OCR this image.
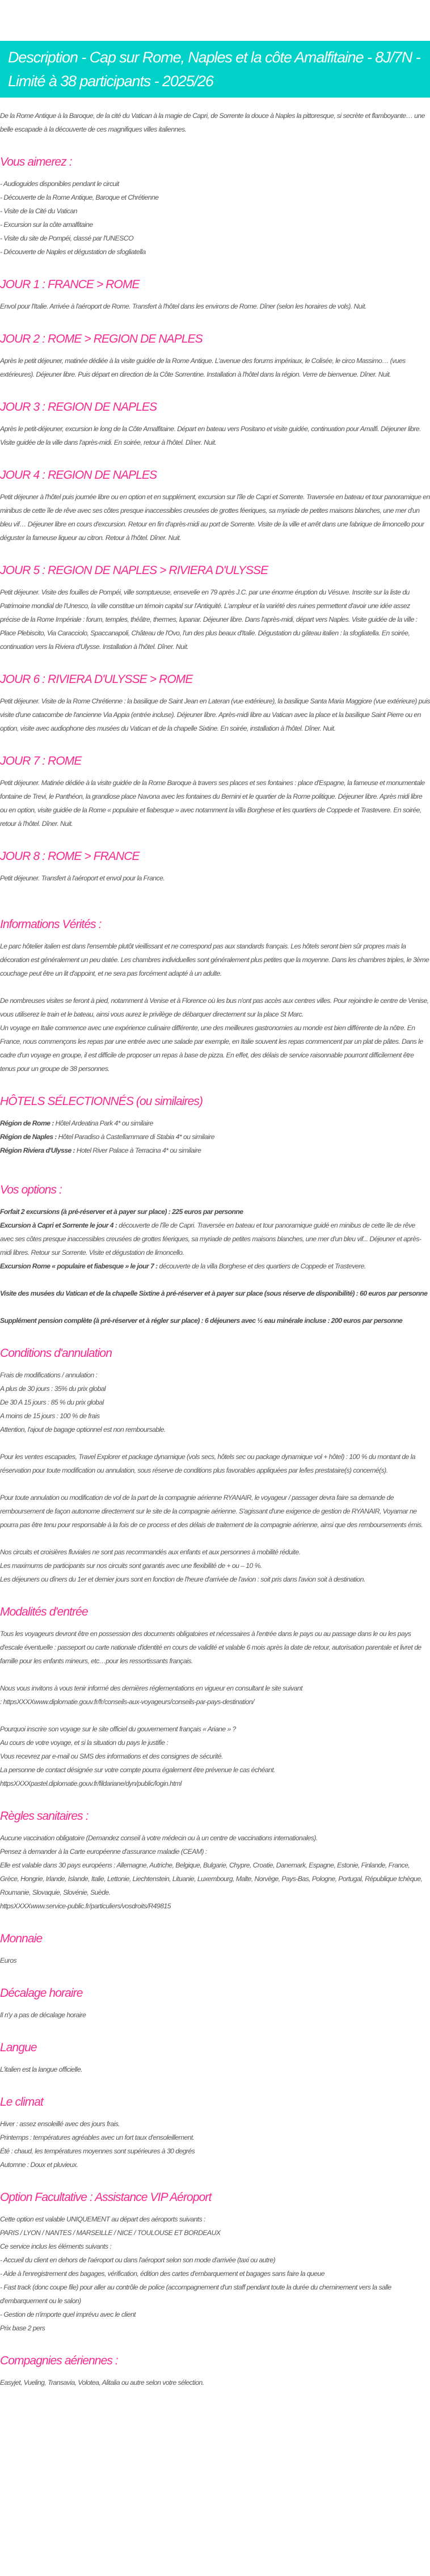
Description - Cap sur Rome, Naples et la côte Amalfitaine - 8J/7N - Limité à 38 participants - 2025/26

De la Rome Antique à la Baroque, de la cité du Vatican à la magie de Capri, de Sorrente la douce à Naples la pittoresque, si secrète et flamboyante… une belle escapade à la découverte de ces magnifiques villes italiennes.

Vous aimerez :
- Audioguides disponibles pendant le circuit
- Découverte de la Rome Antique, Baroque et Chrétienne
- Visite de la Cité du Vatican
- Excursion sur la côte amalfitaine
- Visite du site de Pompéi, classé par l'UNESCO
- Découverte de Naples et dégustation de sfogliatella
JOUR 1 : FRANCE > ROME

Envol pour l'Italie. Arrivée à l'aéroport de Rome. Transfert à l'hôtel dans les environs de Rome. Dîner (selon les horaires de vols). Nuit.

JOUR 2 : ROME > REGION DE NAPLES

Après le petit déjeuner, matinée dédiée à la visite guidée de la Rome Antique. L'avenue des forums impériaux, le Colisée, le circo Massimo… (vues extérieures). Déjeuner libre. Puis départ en direction de la Côte Sorrentine. Installation à l'hôtel dans la région. Verre de bienvenue. Dîner. Nuit.

JOUR 3 : REGION DE NAPLES

Après le petit-déjeuner, excursion le long de la Côte Amalfitaine. Départ en bateau vers Positano et visite guidée, continuation pour Amalfi. Déjeuner libre. Visite guidée de la ville dans l'après-midi. En soirée, retour à l'hôtel. Dîner. Nuit.

JOUR 4 : REGION DE NAPLES

Petit déjeuner à l'hôtel puis journée libre ou en option et en supplément, excursion sur l'île de Capri et Sorrente. Traversée en bateau et tour panoramique en minibus de cette île de rêve avec ses côtes presque inaccessibles creusées de grottes féeriques, sa myriade de petites maisons blanches, une mer d'un bleu vif… Déjeuner libre en cours d'excursion. Retour en fin d'après-midi au port de Sorrente. Visite de la ville et arrêt dans une fabrique de limoncello pour déguster la fameuse liqueur au citron. Retour à l'hôtel. Dîner. Nuit.

JOUR 5 : REGION DE NAPLES > RIVIERA D'ULYSSE

Petit déjeuner. Visite des fouilles de Pompéi, ville somptueuse, ensevelie en 79 après J.C. par une énorme éruption du Vésuve. Inscrite sur la liste du Patrimoine mondial de l'Unesco, la ville constitue un témoin capital sur l'Antiquité. L'ampleur et la variété des ruines permettent d'avoir une idée assez précise de la Rome Impériale : forum, temples, théâtre, thermes, lupanar. Déjeuner libre. Dans l'après-midi, départ vers Naples. Visite guidée de la ville : Place Plebiscito, Via Caracciolo, Spaccanapoli, Château de l'Ovo, l'un des plus beaux d'Italie. Dégustation du gâteau italien : la sfogliatella. En soirée, continuation vers la Riviera d'Ulysse. Installation à l'hôtel. Dîner. Nuit.

JOUR 6 : RIVIERA D'ULYSSE > ROME

Petit déjeuner. Visite de la Rome Chrétienne : la basilique de Saint Jean en Lateran (vue extérieure), la basilique Santa Maria Maggiore (vue extérieure) puis visite d'une catacombe de l'ancienne Via Appia (entrée incluse). Déjeuner libre. Après-midi libre au Vatican avec la place et la basilique Saint Pierre ou en option, visite avec audiophone des musées du Vatican et de la chapelle Sixtine. En soirée, installation à l'hôtel. Dîner. Nuit.

JOUR 7 : ROME

Petit déjeuner. Matinée dédiée à la visite guidée de la Rome Baroque à travers ses places et ses fontaines : place d'Espagne, la fameuse et monumentale fontaine de Trevi, le Panthéon, la grandiose place Navona avec les fontaines du Bernini et le quartier de la Rome politique. Déjeuner libre. Après midi libre ou en option, visite guidée de la Rome « populaire et fiabesque » avec notamment la villa Borghese et les quartiers de Coppede et Trastevere. En soirée, retour à l'hôtel. Dîner. Nuit.

JOUR 8 : ROME > FRANCE

Petit déjeuner. Transfert à l'aéroport et envol pour la France.

Informations Vérités :

Le parc hôtelier italien est dans l'ensemble plutôt vieillissant et ne correspond pas aux standards français. Les hôtels seront bien sûr propres mais la décoration est généralement un peu datée. Les chambres individuelles sont généralement plus petites que la moyenne. Dans les chambres triples, le 3ème couchage peut être un lit d'appoint, et ne sera pas forcément adapté à un adulte.

De nombreuses visites se feront à pied, notamment à Venise et à Florence où les bus n'ont pas accès aux centres villes. Pour rejoindre le centre de Venise, vous utiliserez le train et le bateau, ainsi vous aurez le privilège de débarquer directement sur la place St Marc.

Un voyage en Italie commence avec une expérience culinaire différente, une des meilleures gastronomies au monde est bien différente de la nôtre. En France, nous commençons les repas par une entrée avec une salade par exemple, en Italie souvent les repas commencent par un plat de pâtes. Dans le cadre d'un voyage en groupe, il est difficile de proposer un repas à base de pizza. En effet, des délais de service raisonnable pourront difficilement être tenus pour un groupe de 38 personnes.

HÔTELS SÉLECTIONNÉS (ou similaires)
Région de Rome : Hôtel Ardeatina Park 4* ou similaire
Région de Naples : Hôtel Paradiso à Castellammare di Stabia 4* ou similaire
Région Riviera d'Ulysse : Hotel River Palace à Terracina 4* ou similaire
Vos options :
Forfait 2 excursions (à pré-réserver et à payer sur place) : 225 euros par personne
Excursion à Capri et Sorrente le jour 4 : découverte de l'île de Capri. Traversée en bateau et tour panoramique guidé en minibus de cette île de rêve avec ses côtes presque inaccessibles creusées de grottes féeriques, sa myriade de petites maisons blanches, une mer d'un bleu vif... Déjeuner et après-midi libres. Retour sur Sorrente. Visite et dégustation de limoncello.
Excursion Rome « populaire et fiabesque » le jour 7 : découverte de la villa Borghese et des quartiers de Coppede et Trastevere.
Visite des musées du Vatican et de la chapelle Sixtine à pré-réserver et à payer sur place (sous réserve de disponibilité) : 60 euros par personne
Supplément pension complète (à pré-réserver et à régler sur place) : 6 déjeuners avec ½ eau minérale incluse : 200 euros par personne
Conditions d'annulation
Frais de modifications / annulation :
A plus de 30 jours : 35% du prix global
De 30 A 15 jours : 85 % du prix global
A moins de 15 jours : 100 % de frais
Attention, l'ajout de bagage optionnel est non remboursable.

Pour les ventes escapades, Travel Explorer et package dynamique (vols secs, hôtels sec ou package dynamique vol + hôtel) : 100 % du montant de la réservation pour toute modification ou annulation, sous réserve de conditions plus favorables appliquées par le/les prestataire(s) concerné(s).

Pour toute annulation ou modification de vol de la part de la compagnie aérienne RYANAIR, le voyageur / passager devra faire sa demande de remboursement de façon autonome directement sur le site de la compagnie aérienne. S'agissant d'une exigence de gestion de RYANAIR, Voyamar ne pourra pas être tenu pour responsable à la fois de ce process et des délais de traitement de la compagnie aérienne, ainsi que des remboursements émis.

Nos circuits et croisières fluviales ne sont pas recommandés aux enfants et aux personnes à mobilité réduite.
Les maximums de participants sur nos circuits sont garantis avec une flexibilité de + ou – 10 %.
Les déjeuners ou dîners du 1er et dernier jours sont en fonction de l'heure d'arrivée de l'avion : soit pris dans l'avion soit à destination.
Modalités d'entrée

Tous les voyageurs devront être en possession des documents obligatoires et nécessaires à l'entrée dans le pays ou au passage dans le ou les pays d'escale éventuelle : passeport ou carte nationale d'identité en cours de validité et valable 6 mois après la date de retour, autorisation parentale et livret de famille pour les enfants mineurs, etc…pour les ressortissants français.

Nous vous invitons à vous tenir informé des dernières réglementations en vigueur en consultant le site suivant
: httpsXXXXwww.diplomatie.gouv.fr/fr/conseils-aux-voyageurs/conseils-par-pays-destination/
Pourquoi inscrire son voyage sur le site officiel du gouvernement français « Ariane » ?
Au cours de votre voyage, et si la situation du pays le justifie :
Vous recevrez par e-mail ou SMS des informations et des consignes de sécurité.
La personne de contact désignée sur votre compte pourra également être prévenue le cas échéant.
httpsXXXXpastel.diplomatie.gouv.fr/fildariane/dyn/public/login.html
Règles sanitaires :
Aucune vaccination obligatoire (Demandez conseil à votre médecin ou à un centre de vaccinations internationales).
Pensez à demander à la Carte européenne d'assurance maladie (CEAM) :
Elle est valable dans 30 pays européens : Allemagne, Autriche, Belgique, Bulgarie, Chypre, Croatie, Danemark, Espagne, Estonie, Finlande, France, Grèce, Hongrie, Irlande, Islande, Italie, Lettonie, Liechtenstein, Lituanie, Luxembourg, Malte, Norvège, Pays-Bas, Pologne, Portugal, République tchèque, Roumanie, Slovaquie, Slovénie, Suède.
httpsXXXXwww.service-public.fr/particuliers/vosdroits/R49815
Monnaie

Euros

Décalage horaire

Il n'y a pas de décalage horaire

Langue

L'italien est la langue officielle.

Le climat
Hiver : assez ensoleillé avec des jours frais.
Printemps : températures agréables avec un fort taux d'ensoleillement.
Été : chaud, les températures moyennes sont supérieures à 30 degrés
Automne : Doux et pluvieux.
Option Facultative : Assistance VIP Aéroport
Cette option est valable UNIQUEMENT au départ des aéroports suivants :
PARIS / LYON / NANTES / MARSEILLE / NICE / TOULOUSE ET BORDEAUX
Ce service inclus les éléments suivants :
- Accueil du client en dehors de l'aéroport ou dans l'aéroport selon son mode d'arrivée (taxi ou autre)
- Aide à l'enregistrement des bagages, vérification, édition des cartes d'embarquement et bagages sans faire la queue
- Fast track (donc coupe file) pour aller au contrôle de police (accompagnement d'un staff pendant toute la durée du cheminement vers la salle d'embarquement ou le salon)
- Gestion de n'importe quel imprévu avec le client
Prix base 2 pers
Compagnies aériennes :

Easyjet, Vueling, Transavia, Volotea, Alitalia ou autre selon votre sélection.
